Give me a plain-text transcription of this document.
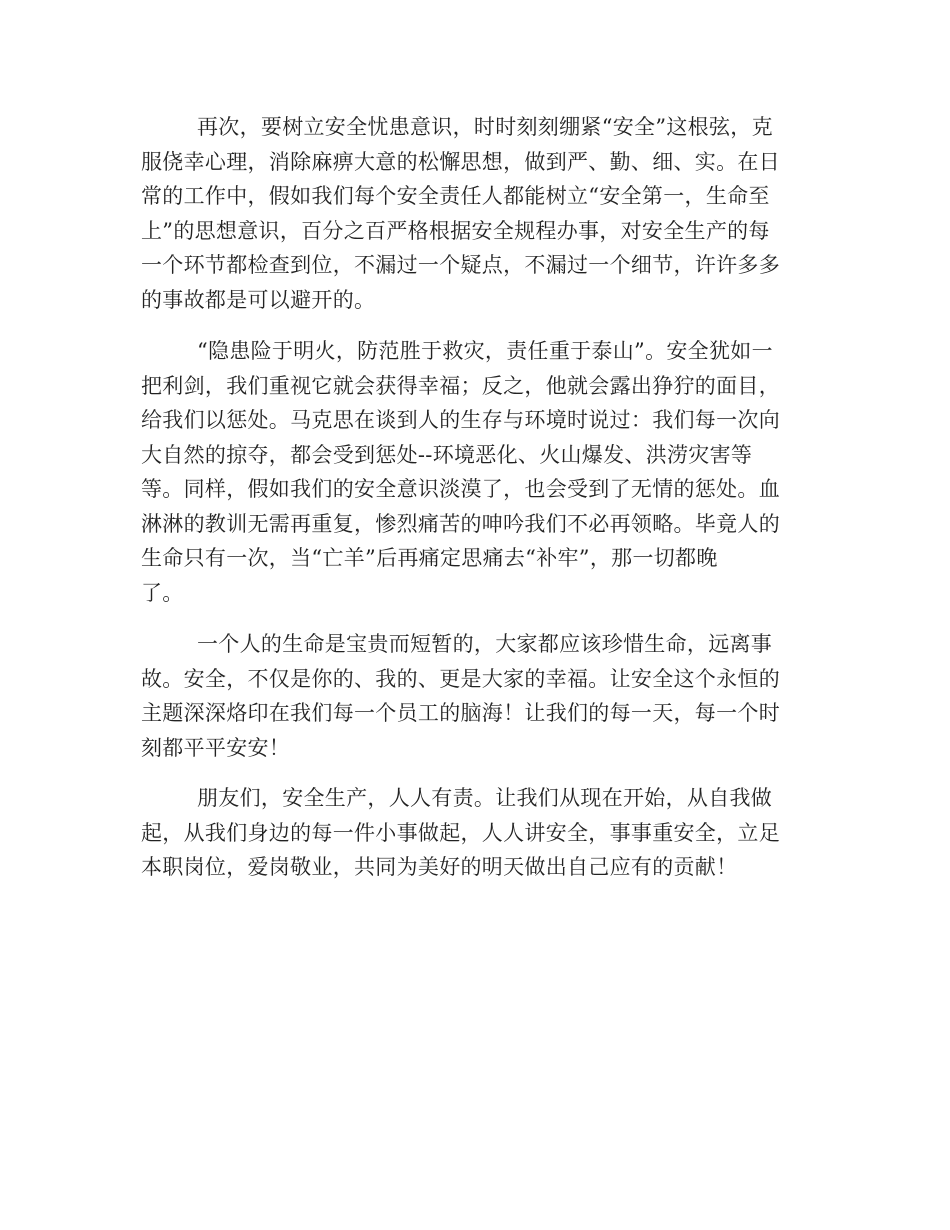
再次，要树立安全忧患意识，时时刻刻绷紧“安全”这根弦，克
服侥幸心理，消除麻痹大意的松懈思想，做到严、勤、细、实。在日
常的工作中，假如我们每个安全责任人都能树立“安全第一，生命至
上”的思想意识，百分之百严格根据安全规程办事，对安全生产的每
一个环节都检查到位，不漏过一个疑点，不漏过一个细节，许许多多
的事故都是可以避开的。

“隐患险于明火，防范胜于救灾，责任重于泰山”。安全犹如一
把利剑，我们重视它就会获得幸福；反之，他就会露出狰狞的面目，
给我们以惩处。马克思在谈到人的生存与环境时说过：我们每一次向
大自然的掠夺，都会受到惩处--环境恶化、火山爆发、洪涝灾害等
等。同样，假如我们的安全意识淡漠了，也会受到了无情的惩处。血
淋淋的教训无需再重复，惨烈痛苦的呻吟我们不必再领略。毕竟人的
生命只有一次，当“亡羊”后再痛定思痛去“补牢”，那一切都晚
了。

一个人的生命是宝贵而短暂的，大家都应该珍惜生命，远离事
故。安全，不仅是你的、我的、更是大家的幸福。让安全这个永恒的
主题深深烙印在我们每一个员工的脑海！让我们的每一天，每一个时
刻都平平安安！

朋友们，安全生产，人人有责。让我们从现在开始，从自我做
起，从我们身边的每一件小事做起，人人讲安全，事事重安全，立足
本职岗位，爱岗敬业，共同为美好的明天做出自己应有的贡献！
